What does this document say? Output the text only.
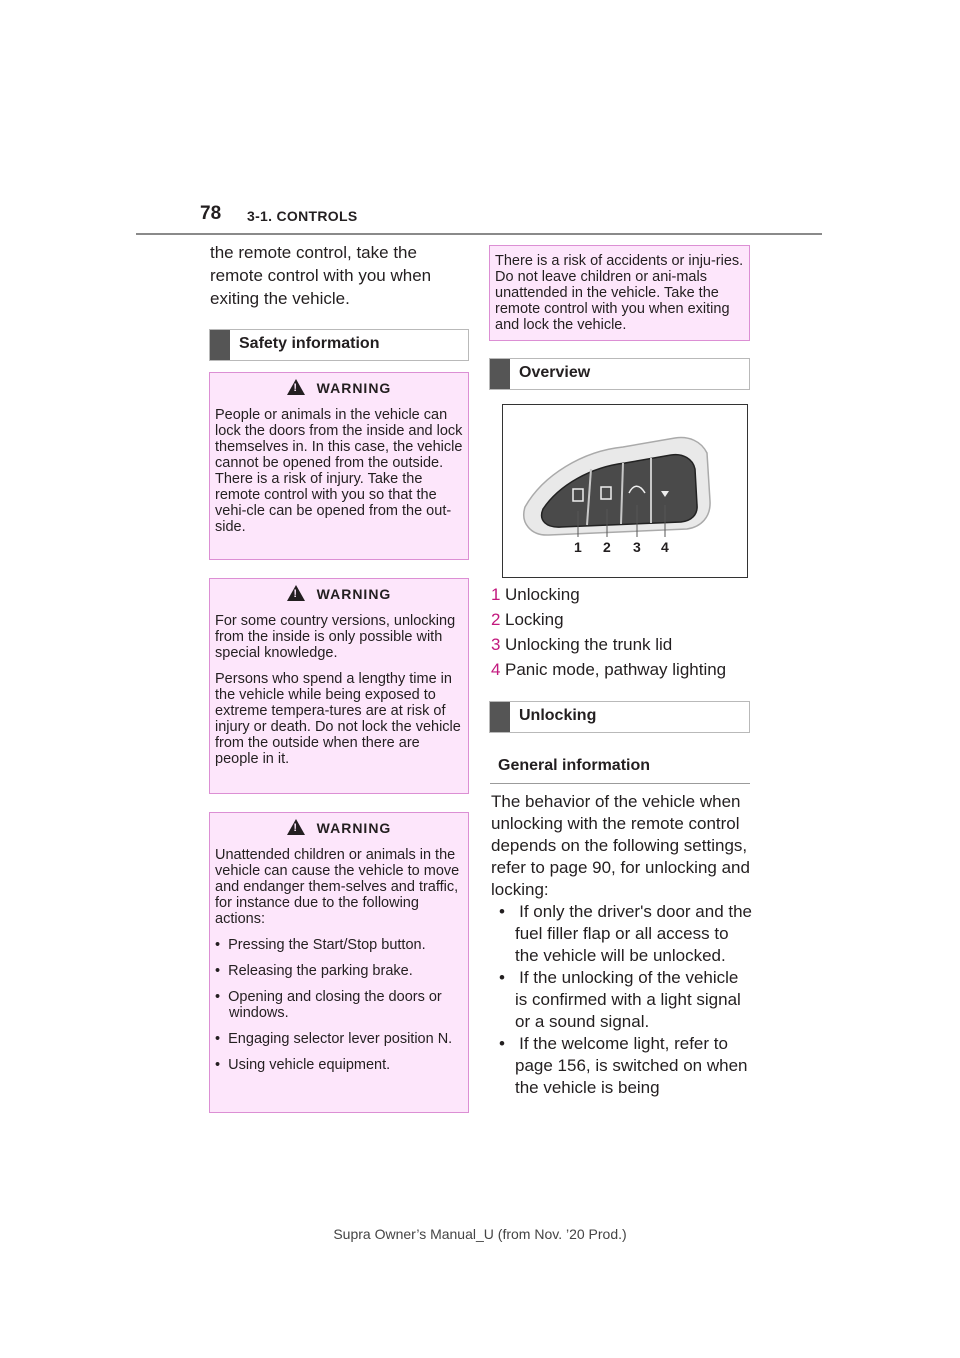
78 3-1. CONTROLS
the remote control, take the remote control with you when exiting the vehicle.
Safety information
!	WARNING
People or animals in the vehicle can lock the doors from the inside and lock themselves in. In this case, the vehicle cannot be opened from the outside. There is a risk of injury. Take the remote control with you so that the vehi-cle can be opened from the out-side.
!	WARNING

For some country versions, unlocking from the inside is only possible with special knowledge.

Persons who spend a lengthy time in the vehicle while being exposed to extreme tempera-tures are at risk of injury or death. Do not lock the vehicle from the outside when there are people in it.

!	WARNING

Unattended children or animals in the vehicle can cause the vehicle to move and endanger them-selves and traffic, for instance due to the following actions:

•  Pressing the Start/Stop button.
•  Releasing the parking brake.
•  Opening and closing the doors or windows.
•  Engaging selector lever position N.
•  Using vehicle equipment.
There is a risk of accidents or inju-ries. Do not leave children or ani-mals unattended in the vehicle. Take the remote control with you when exiting and lock the vehicle.
Overview
1 2 3 4
1 Unlocking
2 Locking
3 Unlocking the trunk lid
4 Panic mode, pathway lighting
Unlocking
General information
The behavior of the vehicle when unlocking with the remote control depends on the following settings, refer to page 90, for unlocking and locking:
•   If only the driver's door and the fuel filler flap or all access to the vehicle will be unlocked.
•   If the unlocking of the vehicle is confirmed with a light signal or a sound signal.
•   If the welcome light, refer to page 156, is switched on when the vehicle is being
Supra Owner’s Manual_U (from Nov. ’20 Prod.)
